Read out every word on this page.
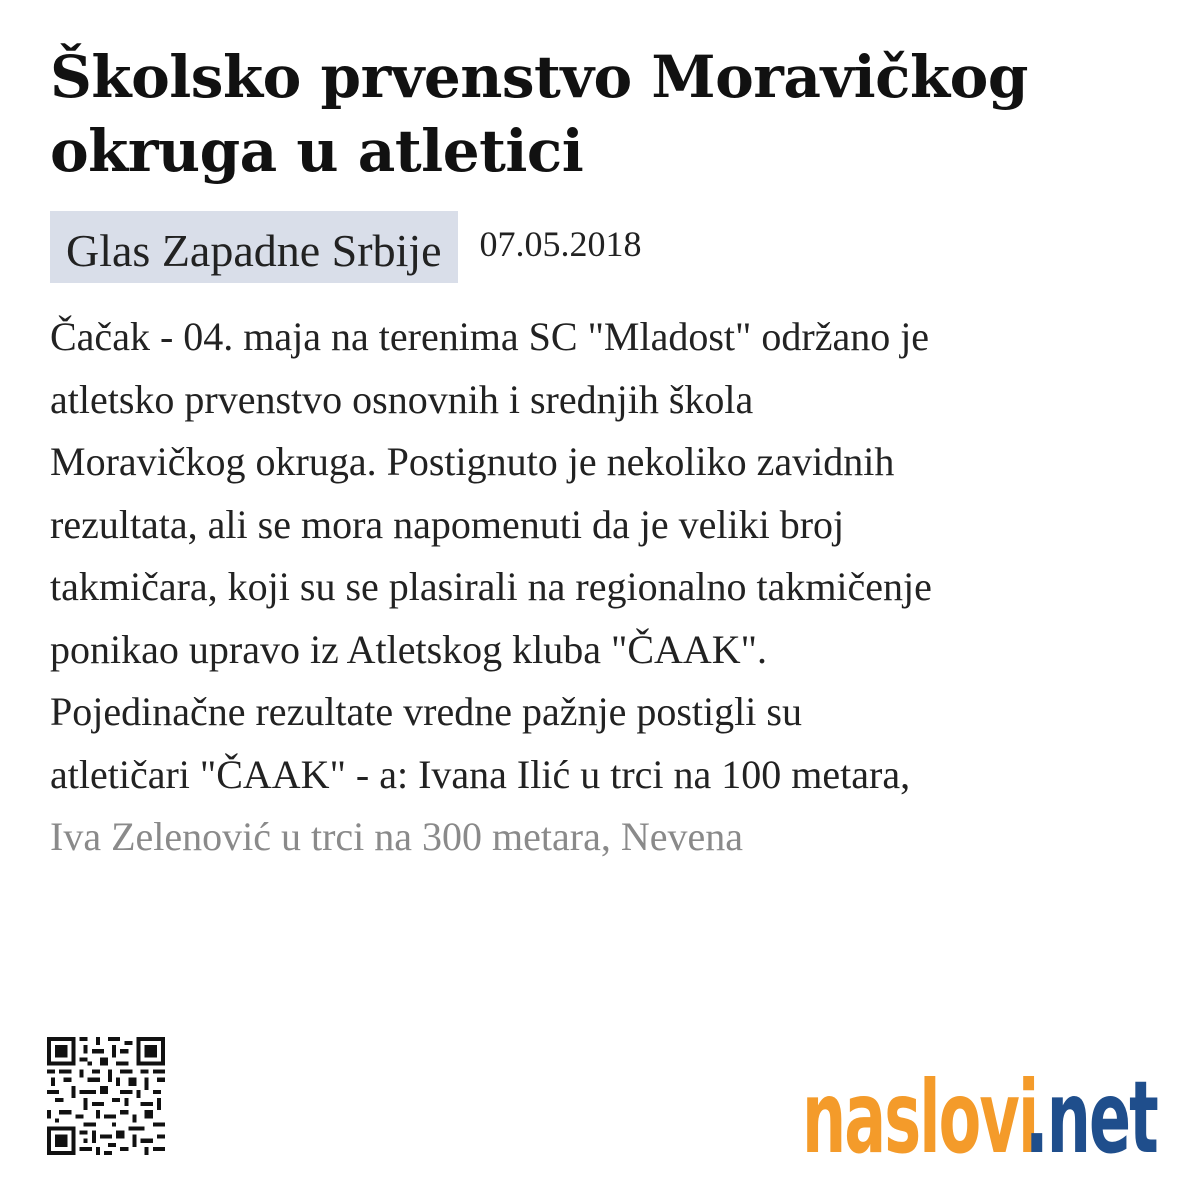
Školsko prvenstvo Moravičkog okruga u atletici
Glas Zapadne Srbije	07.05.2018
Čačak - 04. maja na terenima SC "Mladost" održano je
atletsko prvenstvo osnovnih i srednjih škola
Moravičkog okruga. Postignuto je nekoliko zavidnih
rezultata, ali se mora napomenuti da je veliki broj
takmičara, koji su se plasirali na regionalno takmičenje
ponikao upravo iz Atletskog kluba "ČAAK".
Pojedinačne rezultate vredne pažnje postigli su
atletičari "ČAAK" - a: Ivana Ilić u trci na 100 metara,
Iva Zelenović u trci na 300 metara, Nevena
naslovi
.net
